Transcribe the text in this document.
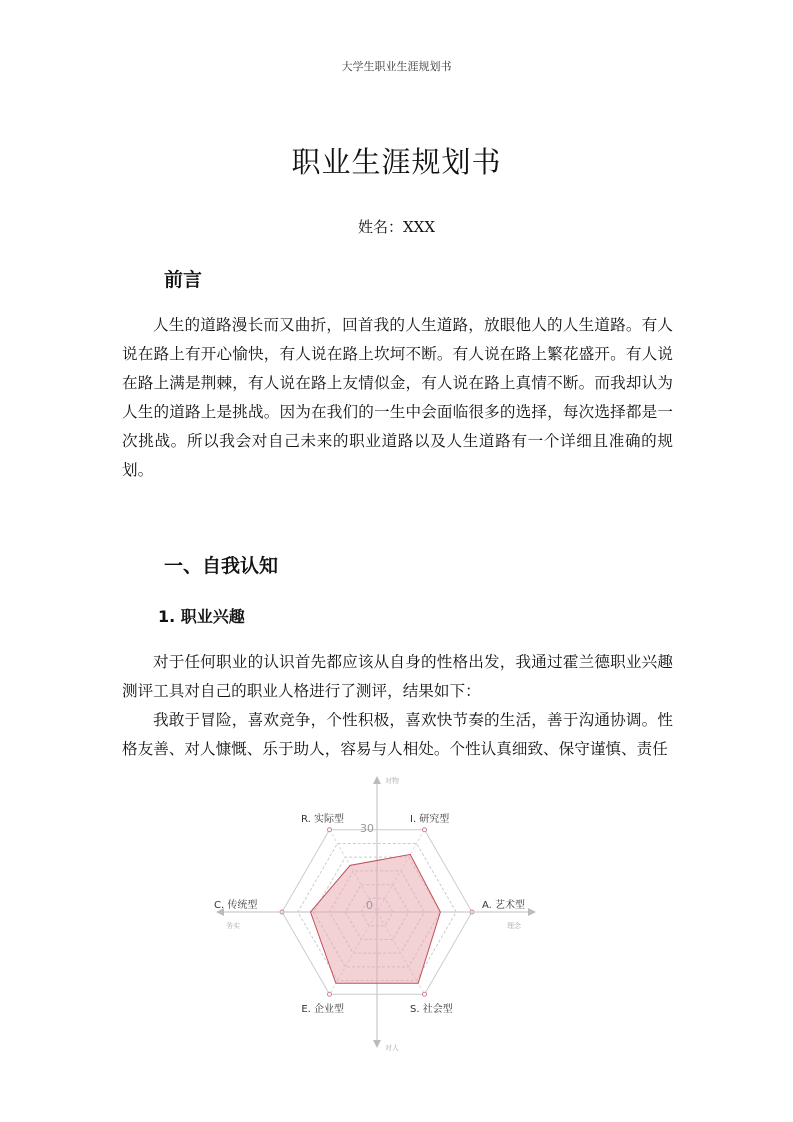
大学生职业生涯规划书
职业生涯规划书
姓名：XXX
前言

人生的道路漫长而又曲折，回首我的人生道路，放眼他人的人生道路。有人说在路上有开心愉快，有人说在路上坎坷不断。有人说在路上繁花盛开。有人说在路上满是荆棘，有人说在路上友情似金，有人说在路上真情不断。而我却认为人生的道路上是挑战。因为在我们的一生中会面临很多的选择，每次选择都是一次挑战。所以我会对自己未来的职业道路以及人生道路有一个详细且准确的规划。

一、自我认知
1. 职业兴趣

对于任何职业的认识首先都应该从自身的性格出发，我通过霍兰德职业兴趣测评工具对自己的职业人格进行了测评，结果如下：

我敢于冒险，喜欢竞争，个性积极，喜欢快节奏的生活，善于沟通协调。性格友善、对人慷慨、乐于助人，容易与人相处。个性认真细致、保守谨慎、责任

A. 艺术型
I. 研究型
R. 实际型
C. 传统型
E. 企业型	S. 社会型
0
30
对物
对人
务实	理念
